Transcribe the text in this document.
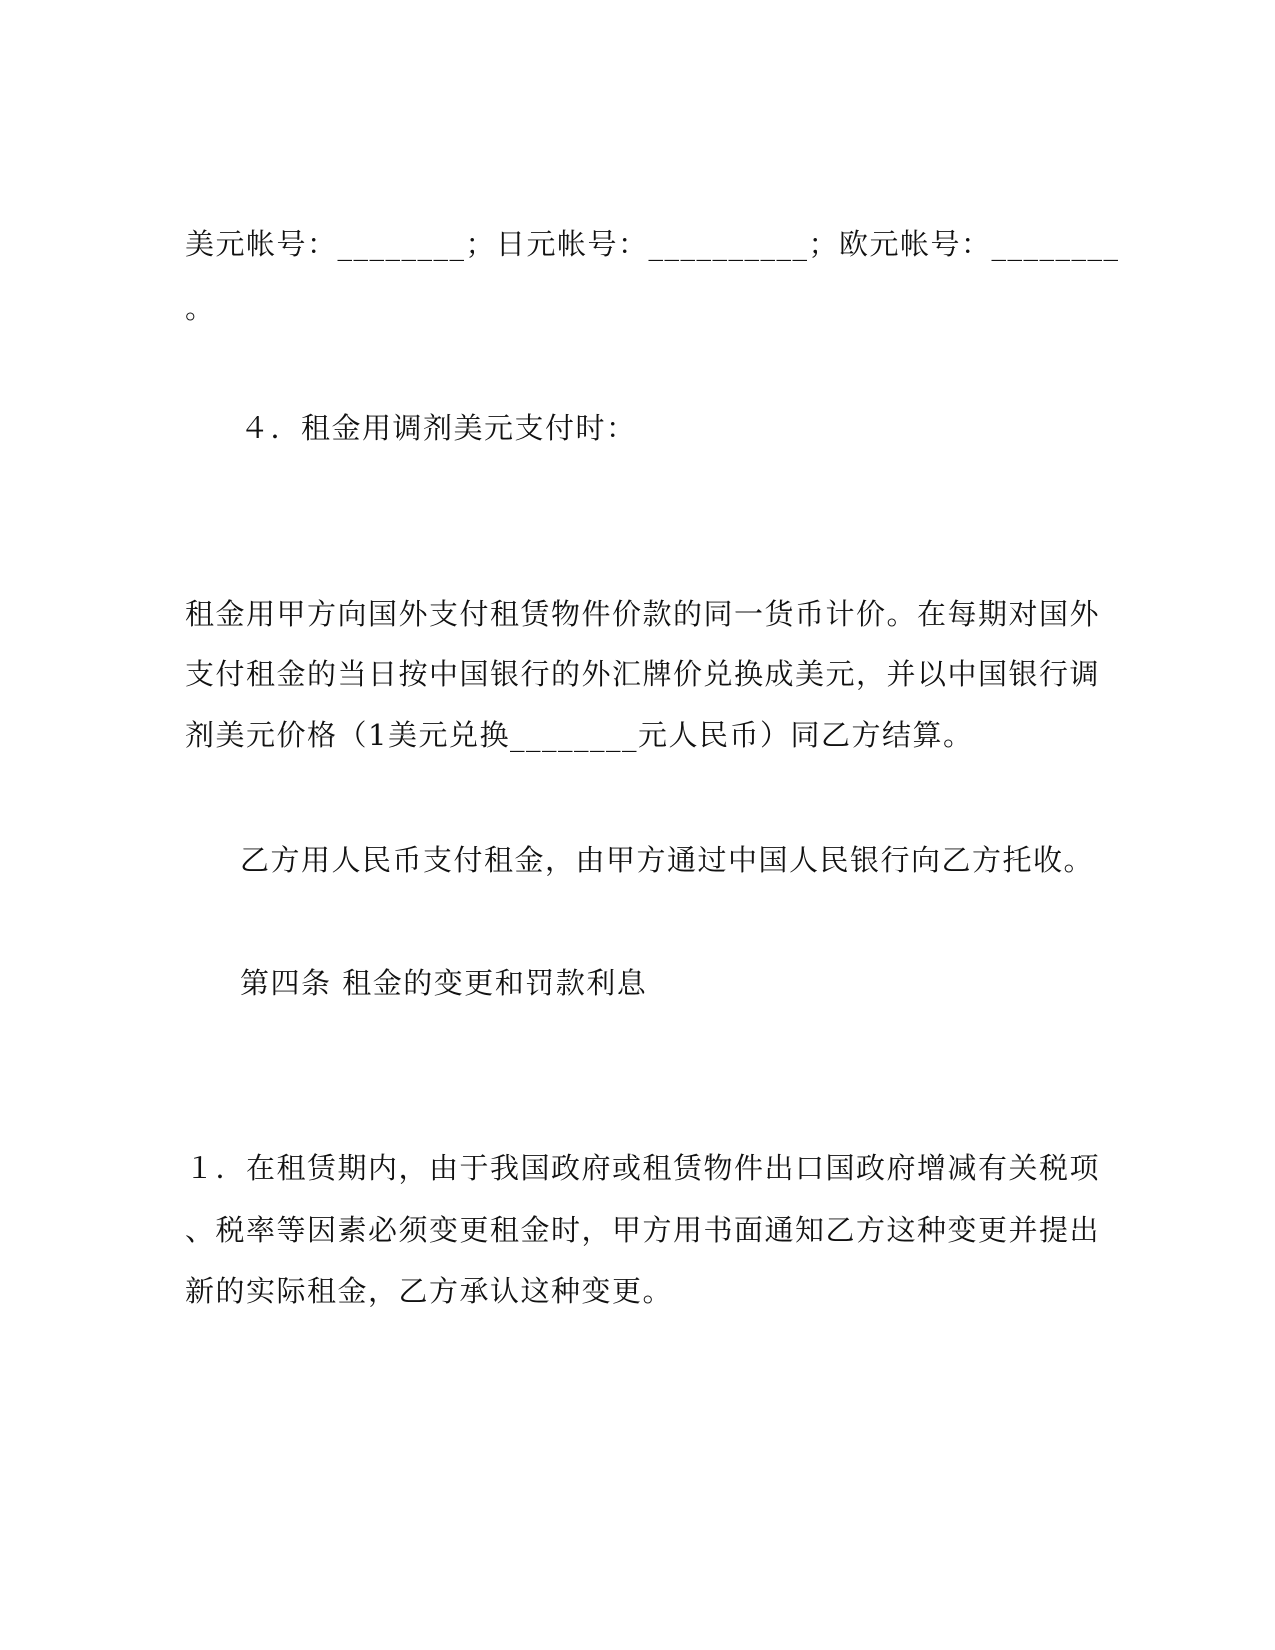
美元帐号：________；日元帐号：__________；欧元帐号：________
。
４．租金用调剂美元支付时：
租金用甲方向国外支付租赁物件价款的同一货币计价。在每期对国外
支付租金的当日按中国银行的外汇牌价兑换成美元，并以中国银行调
剂美元价格（1美元兑换________元人民币）同乙方结算。
乙方用人民币支付租金，由甲方通过中国人民银行向乙方托收。
第四条 租金的变更和罚款利息
１．在租赁期内，由于我国政府或租赁物件出口国政府增减有关税项
、税率等因素必须变更租金时，甲方用书面通知乙方这种变更并提出
新的实际租金，乙方承认这种变更。
